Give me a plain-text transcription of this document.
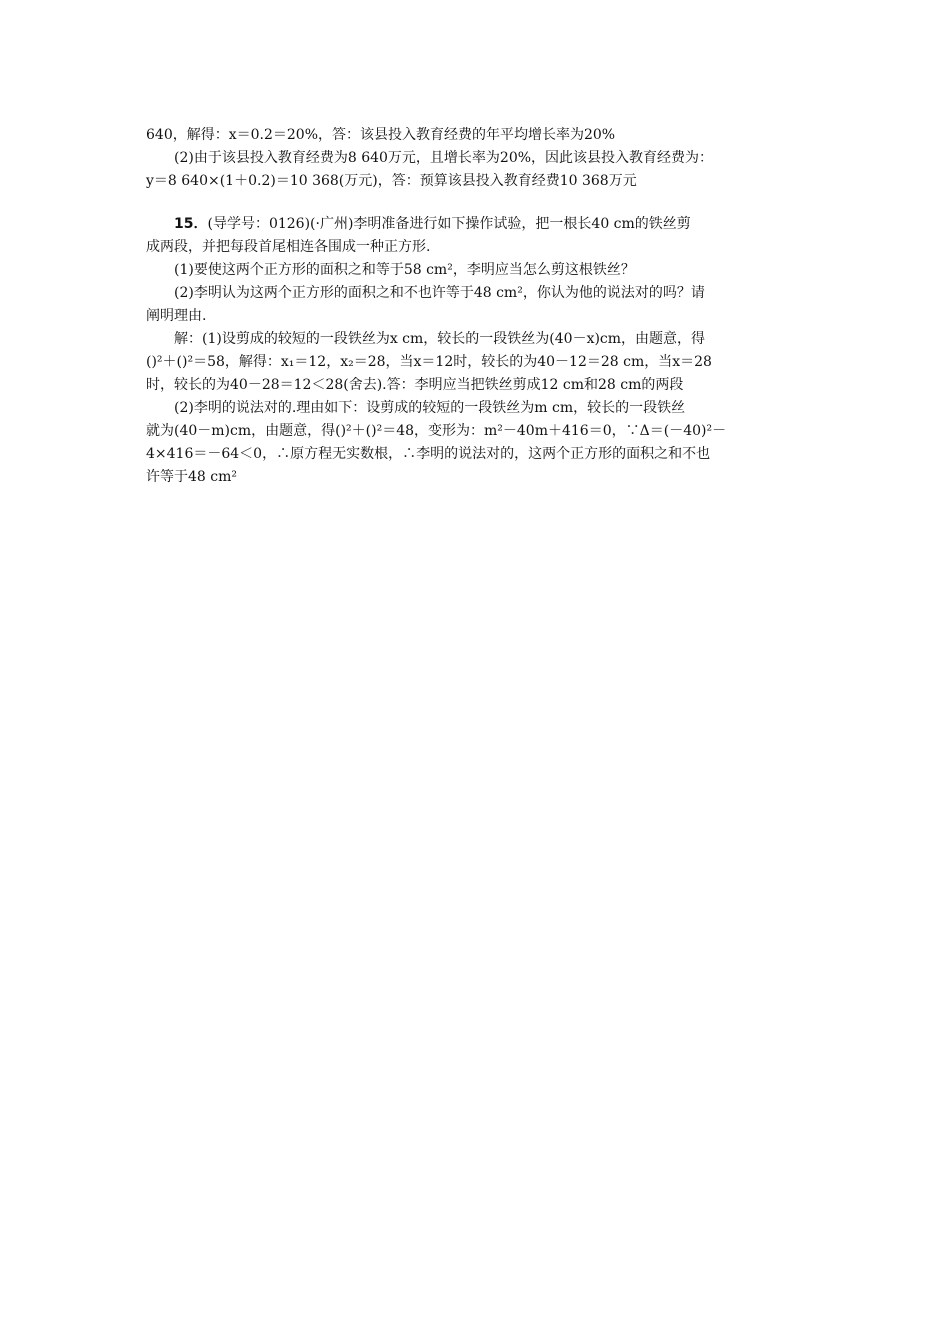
640，解得：x＝0.2＝20%，答：该县投入教育经费的年平均增长率为20%
(2)由于该县投入教育经费为8 640万元，且增长率为20%，因此该县投入教育经费为：
y＝8 640×(1＋0.2)＝10 368(万元)，答：预算该县投入教育经费10 368万元
15．(导学号：0126)(·广州)李明准备进行如下操作试验，把一根长40 cm的铁丝剪
成两段，并把每段首尾相连各围成一种正方形.
(1)要使这两个正方形的面积之和等于58 cm²，李明应当怎么剪这根铁丝？
(2)李明认为这两个正方形的面积之和不也许等于48 cm²，你认为他的说法对的吗？请
阐明理由.
解：(1)设剪成的较短的一段铁丝为x cm，较长的一段铁丝为(40－x)cm，由题意，得
()²＋()²＝58，解得：x₁＝12，x₂＝28，当x＝12时，较长的为40－12＝28 cm，当x＝28
时，较长的为40－28＝12＜28(舍去).答：李明应当把铁丝剪成12 cm和28 cm的两段
(2)李明的说法对的.理由如下：设剪成的较短的一段铁丝为m cm，较长的一段铁丝
就为(40－m)cm，由题意，得()²＋()²＝48，变形为：m²－40m＋416＝0，∵Δ＝(－40)²－
4×416＝－64＜0，∴原方程无实数根，∴李明的说法对的，这两个正方形的面积之和不也
许等于48 cm²
